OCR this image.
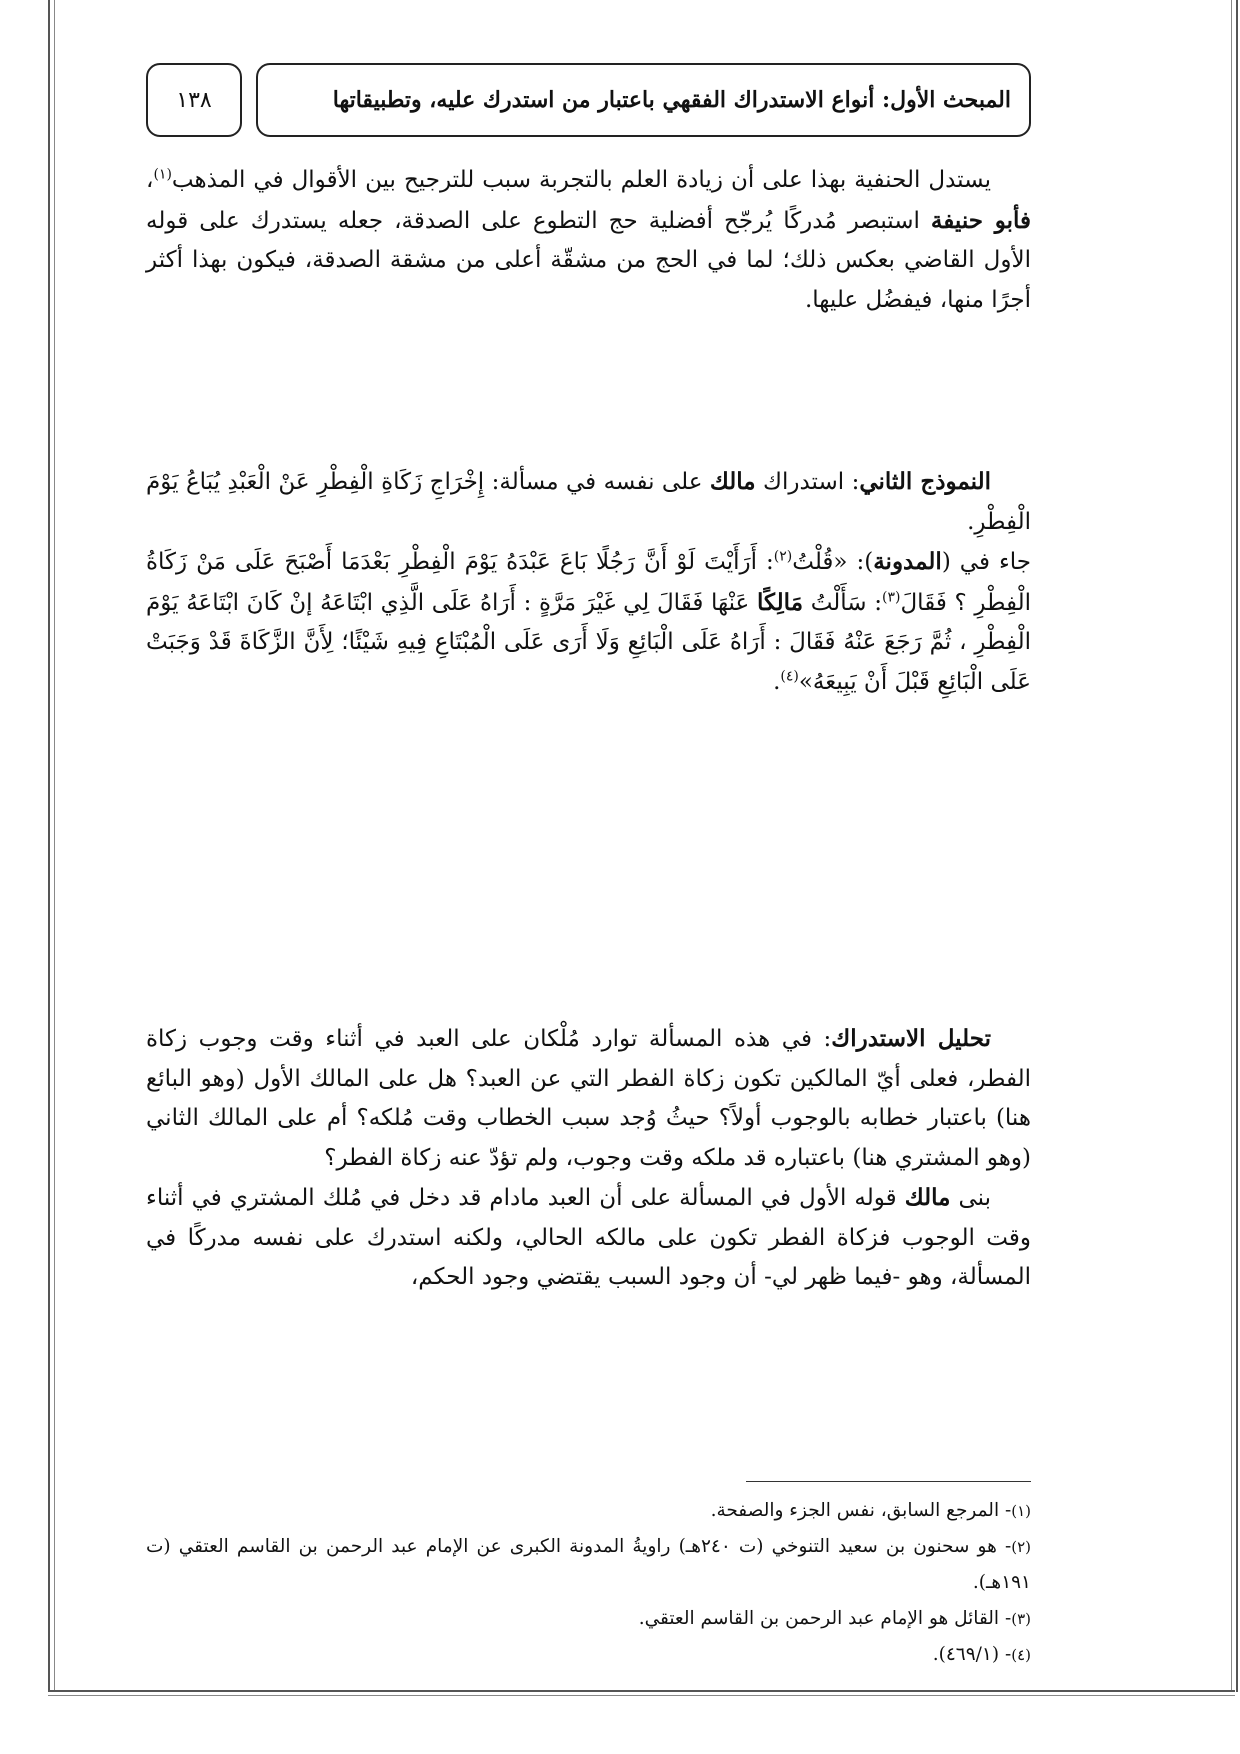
١٣٨	المبحث الأول: أنواع الاستدراك الفقهي باعتبار من استدرك عليه، وتطبيقاتها

يستدل الحنفية بهذا على أن زيادة العلم بالتجربة سبب للترجيح بين الأقوال في المذهب$^{(١)}$، فأبو حنيفة استبصر مُدركًا يُرجّح أفضلية حج التطوع على الصدقة، جعله يستدرك على قوله الأول القاضي بعكس ذلك؛ لما في الحج من مشقّة أعلى من مشقة الصدقة، فيكون بهذا أكثر أجرًا منها، فيفضُل عليها.

النموذج الثاني: استدراك مالك على نفسه في مسألة: إِخْرَاجِ زَكَاةِ الْفِطْرِ عَنْ الْعَبْدِ يُبَاعُ يَوْمَ الْفِطْرِ.

جاء في (المدونة): «قُلْتُ$^{(٢)}$: أَرَأَيْتَ لَوْ أَنَّ رَجُلًا بَاعَ عَبْدَهُ يَوْمَ الْفِطْرِ بَعْدَمَا أَصْبَحَ عَلَى مَنْ زَكَاةُ الْفِطْرِ ؟ فَقَالَ$^{(٣)}$: سَأَلْتُ مَالِكًا عَنْهَا فَقَالَ لِي غَيْرَ مَرَّةٍ : أَرَاهُ عَلَى الَّذِي ابْتَاعَهُ إنْ كَانَ ابْتَاعَهُ يَوْمَ الْفِطْرِ ، ثُمَّ رَجَعَ عَنْهُ فَقَالَ : أَرَاهُ عَلَى الْبَائِعِ وَلَا أَرَى عَلَى الْمُبْتَاعِ فِيهِ شَيْئًا؛ لِأَنَّ الزَّكَاةَ قَدْ وَجَبَتْ عَلَى الْبَائِعِ قَبْلَ أَنْ يَبِيعَهُ»$^{(٤)}$.

تحليل الاستدراك: في هذه المسألة توارد مُلْكان على العبد في أثناء وقت وجوب زكاة الفطر، فعلى أيّ المالكين تكون زكاة الفطر التي عن العبد؟ هل على المالك الأول (وهو البائع هنا) باعتبار خطابه بالوجوب أولاً؟ حيثُ وُجد سبب الخطاب وقت مُلكه؟ أم على المالك الثاني (وهو المشتري هنا) باعتباره قد ملكه وقت وجوب، ولم تؤدّ عنه زكاة الفطر؟

بنى مالك قوله الأول في المسألة على أن العبد مادام قد دخل في مُلك المشتري في أثناء وقت الوجوب فزكاة الفطر تكون على مالكه الحالي، ولكنه استدرك على نفسه مدركًا في المسألة، وهو -فيما ظهر لي- أن وجود السبب يقتضي وجود الحكم،

(١)- المرجع السابق، نفس الجزء والصفحة.

(٢)- هو سحنون بن سعيد التنوخي (ت ٢٤٠هـ) راويةُ المدونة الكبرى عن الإمام عبد الرحمن بن القاسم العتقي (ت ١٩١هـ).

(٣)- القائل هو الإمام عبد الرحمن بن القاسم العتقي.

(٤)- (٤٦٩/١).
